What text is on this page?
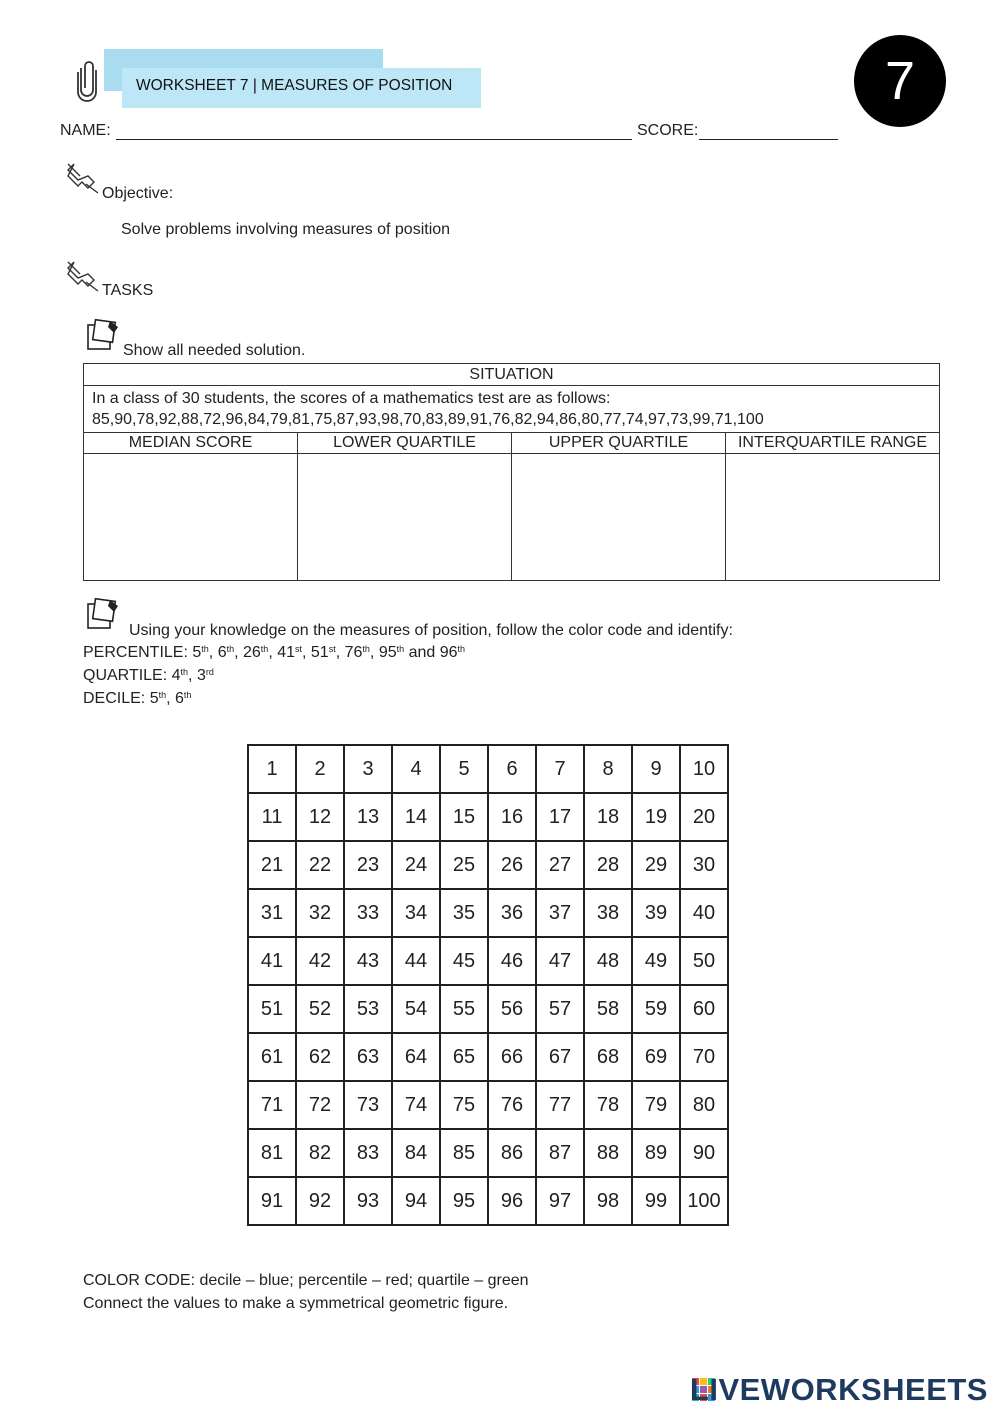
WORKSHEET 7 | MEASURES OF POSITION	7
NAME:	SCORE:
Objective:
Solve problems involving measures of position
TASKS
Show all needed solution.
SITUATION			

In a class of 30 students, the scores of a mathematics test are as follows:
85,90,78,92,88,72,96,84,79,81,75,87,93,98,70,83,89,91,76,82,94,86,80,77,74,97,73,99,71,100			

MEDIAN SCORE	LOWER QUARTILE	UPPER QUARTILE	INTERQUARTILE RANGE

Using your knowledge on the measures of position, follow the color code and identify:
PERCENTILE: 5th, 6th, 26th, 41st, 51st, 76th, 95th and 96th
QUARTILE: 4th, 3rd
DECILE: 5th, 6th
1	2	3	4	5	6	7	8	9	10
11	12	13	14	15	16	17	18	19	20
21	22	23	24	25	26	27	28	29	30
31	32	33	34	35	36	37	38	39	40
41	42	43	44	45	46	47	48	49	50
51	52	53	54	55	56	57	58	59	60
61	62	63	64	65	66	67	68	69	70
71	72	73	74	75	76	77	78	79	80
81	82	83	84	85	86	87	88	89	90
91	92	93	94	95	96	97	98	99	100
COLOR CODE: decile – blue; percentile – red; quartile – green
Connect the values to make a symmetrical geometric figure.
LIVEWORKSHEETS
